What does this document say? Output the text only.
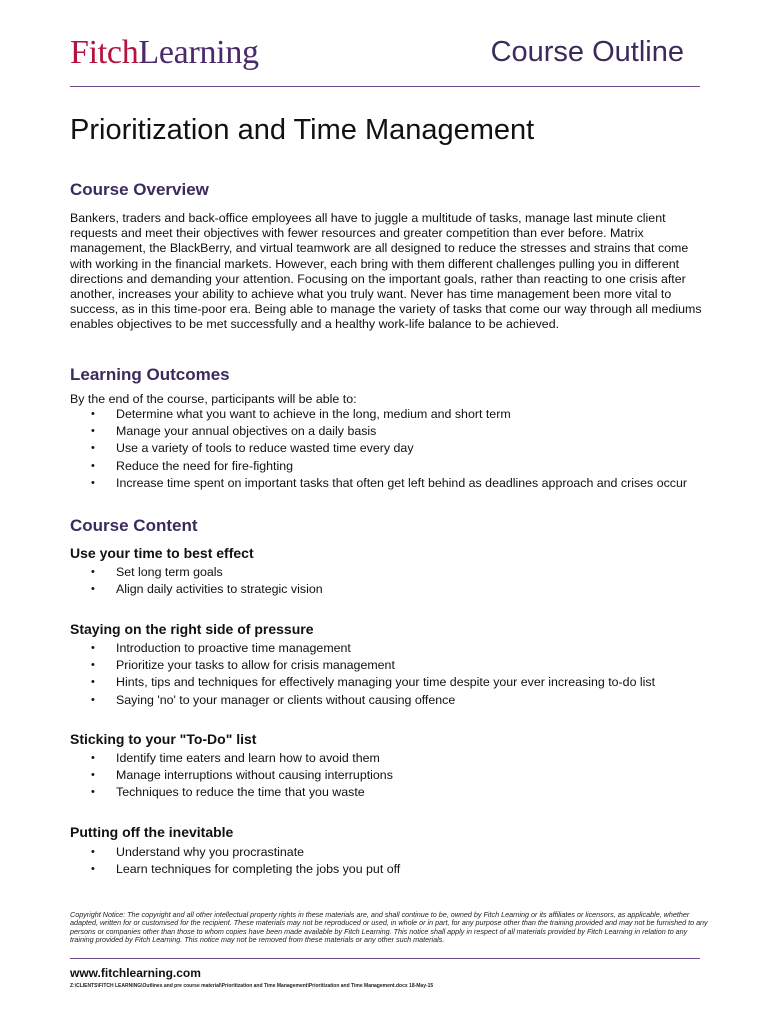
FitchLearning	Course Outline
Prioritization and Time Management
Course Overview
Bankers, traders and back-office employees all have to juggle a multitude of tasks, manage last minute client requests and meet their objectives with fewer resources and greater competition than ever before. Matrix management, the BlackBerry, and virtual teamwork are all designed to reduce the stresses and strains that come with working in the financial markets. However, each bring with them different challenges pulling you in different directions and demanding your attention. Focusing on the important goals, rather than reacting to one crisis after another, increases your ability to achieve what you truly want. Never has time management been more vital to success, as in this time-poor era. Being able to manage the variety of tasks that come our way through all mediums enables objectives to be met successfully and a healthy work-life balance to be achieved.
Learning Outcomes
By the end of the course, participants will be able to:
• Determine what you want to achieve in the long, medium and short term
• Manage your annual objectives on a daily basis
• Use a variety of tools to reduce wasted time every day
• Reduce the need for fire-fighting
• Increase time spent on important tasks that often get left behind as deadlines approach and crises occur
Course Content
Use your time to best effect
• Set long term goals
• Align daily activities to strategic vision
Staying on the right side of pressure
• Introduction to proactive time management
• Prioritize your tasks to allow for crisis management
• Hints, tips and techniques for effectively managing your time despite your ever increasing to-do list
• Saying 'no' to your manager or clients without causing offence
Sticking to your "To-Do" list
• Identify time eaters and learn how to avoid them
• Manage interruptions without causing interruptions
• Techniques to reduce the time that you waste
Putting off the inevitable
• Understand why you procrastinate
• Learn techniques for completing the jobs you put off
Copyright Notice: The copyright and all other intellectual property rights in these materials are, and shall continue to be, owned by Fitch Learning or its affiliates or licensors, as applicable, whether adapted, written for or customised for the recipient. These materials may not be reproduced or used, in whole or in part, for any purpose other than the training provided and may not be furnished to any persons or companies other than those to whom copies have been made available by Fitch Learning. This notice shall apply in respect of all materials provided by Fitch Learning in relation to any training provided by Fitch Learning. This notice may not be removed from these materials or any other such materials.
www.fitchlearning.com
Z:\CLIENTS\FITCH LEARNING\Outlines and pre course material\Prioritization and Time Management\Prioritization and Time Management.docx 18-May-15
